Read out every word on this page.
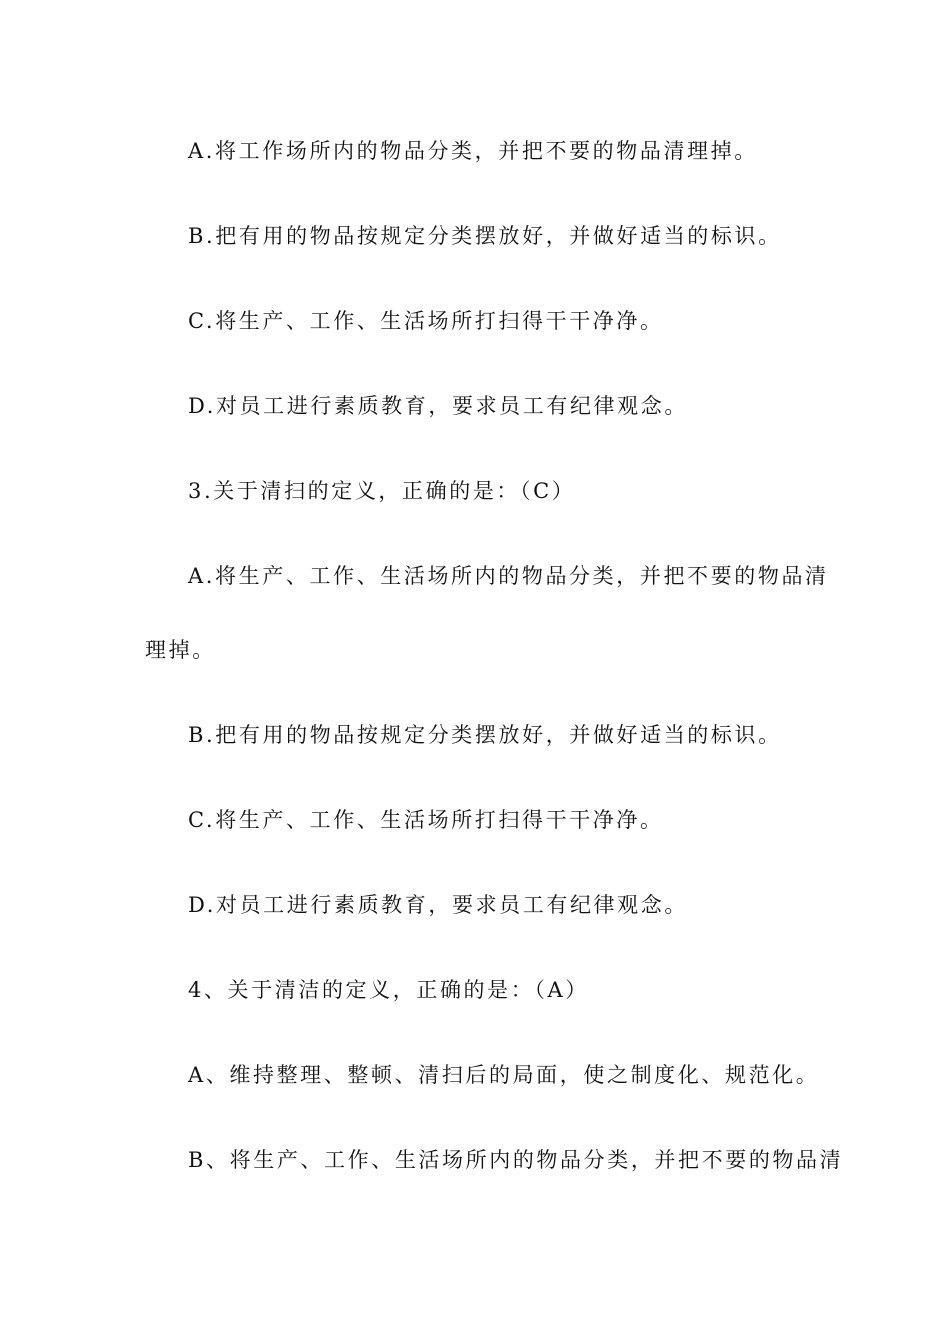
A.将工作场所内的物品分类，并把不要的物品清理掉。
B.把有用的物品按规定分类摆放好，并做好适当的标识。
C.将生产、工作、生活场所打扫得干干净净。
D.对员工进行素质教育，要求员工有纪律观念。
3.关于清扫的定义，正确的是：（C）
A.将生产、工作、生活场所内的物品分类，并把不要的物品清
理掉。
B.把有用的物品按规定分类摆放好，并做好适当的标识。
C.将生产、工作、生活场所打扫得干干净净。
D.对员工进行素质教育，要求员工有纪律观念。
4、关于清洁的定义，正确的是：（A）
A、维持整理、整顿、清扫后的局面，使之制度化、规范化。
B、将生产、工作、生活场所内的物品分类，并把不要的物品清
